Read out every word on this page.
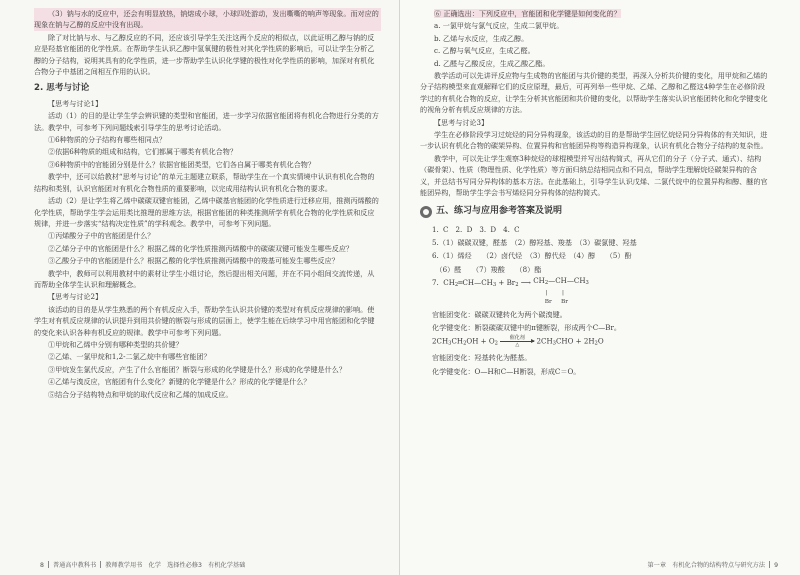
（3）钠与水的反应中，还会有明显放热，钠熔成小球，小球四处游动，发出嘶嘶的响声等现象。而对应的现象在钠与乙醇的反应中没有出现。
除了对比钠与水、与乙醇反应的不同，还应该引导学生关注这两个反应的相似点，以此证明乙醇与钠的反应是羟基官能团的化学性质。在帮助学生认识乙醇中氢氧键的极性对其化学性质的影响后，可以让学生分析乙醇的分子结构，说明其具有的化学性质，进一步帮助学生认识化学键的极性对化学性质的影响，加深对有机化合物分子中基团之间相互作用的认识。
2. 思考与讨论
【思考与讨论1】
活动（1）的目的是让学生学会辨识键的类型和官能团，进一步学习依据官能团将有机化合物进行分类的方法。教学中，可参考下列问题线索引导学生的思考讨论活动。
①6种物质的分子结构有哪些相同点？
②依据6种物质的组成和结构，它们都属于哪类有机化合物？
③6种物质中的官能团分别是什么？依据官能团类型，它们各自属于哪类有机化合物？
教学中，还可以给教材“思考与讨论”的单元主题建立联系，帮助学生在一个真实情境中认识有机化合物的结构和类别，认识官能团对有机化合物性质的重要影响，以完成用结构认识有机化合物的要求。
活动（2）是让学生将乙烯中碳碳双键官能团，乙烯中碳基官能团的化学性质进行迁移应用，推测丙烯酸的化学性质，帮助学生学会运用类比推理的思维方法，根据官能团的种类推测所学有机化合物的化学性质和反应规律，并进一步落实“结构决定性质”的学科观念。教学中，可参考下列问题。
①丙烯酸分子中的官能团是什么？
②乙烯分子中的官能团是什么？根据乙烯的化学性质推测丙烯酸中的碳碳双键可能发生哪些反应？
③乙酸分子中的官能团是什么？根据乙酸的化学性质推测丙烯酸中的羧基可能发生哪些反应？
教学中，教师可以利用教材中的素材让学生小组讨论，然后提出相关问题，并在不同小组间交流传递，从而帮助全体学生认识和理解概念。
【思考与讨论2】
该活动的目的是从学生熟悉的两个有机反应入手，帮助学生认识共价键的类型对有机反应规律的影响。使学生对有机反应规律的认识提升到用共价键的断裂与形成的层面上，使学生能在后续学习中用官能团和化学键的变化来认识各种有机反应的规律。教学中可参考下列问题。
①甲烷和乙烯中分别有哪种类型的共价键？
②乙烯、一氯甲烷和1,2-二氯乙烷中有哪些官能团？
③甲烷发生氯代反应，产生了什么官能团？断裂与形成的化学键是什么？形成的化学键是什么？
④乙烯与溴反应，官能团有什么变化？新键的化学键是什么？形成的化学键是什么？
⑤结合分子结构特点和甲烷的取代反应和乙烯的加成反应。
8 普通高中教科书 教师教学用书　化学　选择性必修3　有机化学基础
⑥ 正确选出：下列反应中，官能团和化学键是如何变化的？
a. 一氯甲烷与氯气反应，生成二氯甲烷。
b. 乙烯与水反应，生成乙醇。
c. 乙醇与氧气反应，生成乙醛。
d. 乙醛与乙酸反应，生成乙酸乙酯。
教学活动可以先讲评反应物与生成物的官能团与共价键的类型，再深入分析共价键的变化，用甲烷和乙烯的分子结构模型来直观解释它们的反应原理，最后，可再列举一些甲烷、乙烯、乙醇和乙醛这4种学生在必修阶段学过的有机化合物的反应，让学生分析其官能团和共价键的变化，以帮助学生落实认识官能团转化和化学键变化的视角分析有机反应规律的方法。
【思考与讨论3】
学生在必修阶段学习过烷烃的同分异构现象，该活动的目的是帮助学生回忆烷烃同分异构体的有关知识，进一步认识有机化合物的碳架异构、位置异构和官能团异构等构造异构现象，认识有机化合物分子结构的复杂性。
教学中，可以先让学生观察3种烷烃的球棍模型并写出结构简式，再从它们的分子（分子式、通式）、结构（碳骨架）、性质（物理性质、化学性质）等方面归纳总结相同点和不同点，帮助学生理解烷烃碳架异构的含义，并总结书写同分异构体的基本方法。在此基础上，引导学生认识戊烯、二氯代烷中的位置异构和醇、醚的官能团异构，帮助学生学会书写烯烃同分异构体的结构简式。
五、练习与应用参考答案及说明
1. C　2. D　3. D　4. C
5.（1）碳碳双键，醛基　（2）醇羟基、羧基　（3）碳氯键、羟基
6.（1）烯烃　　（2）卤代烃　（3）醇代烃　（4）醇　　（5）酚
　（6）醛　　（7）羧酸　　（8）酯
7.  CH2═CH—CH3 + Br2 ⟶ CH2—CH—CH3
|        |
Br     Br
官能团变化：碳碳双键转化为两个碳溴键。
化学键变化：断裂碳碳双键中的π键断裂，形成两个C—Br。
2CH3CH2OH + O2
催化剂
△	2CH3CHO + 2H2O
官能团变化：羟基转化为醛基。
化学键变化：O—H和C—H断裂，形成C＝O。
第一章　有机化合物的结构特点与研究方法 9
